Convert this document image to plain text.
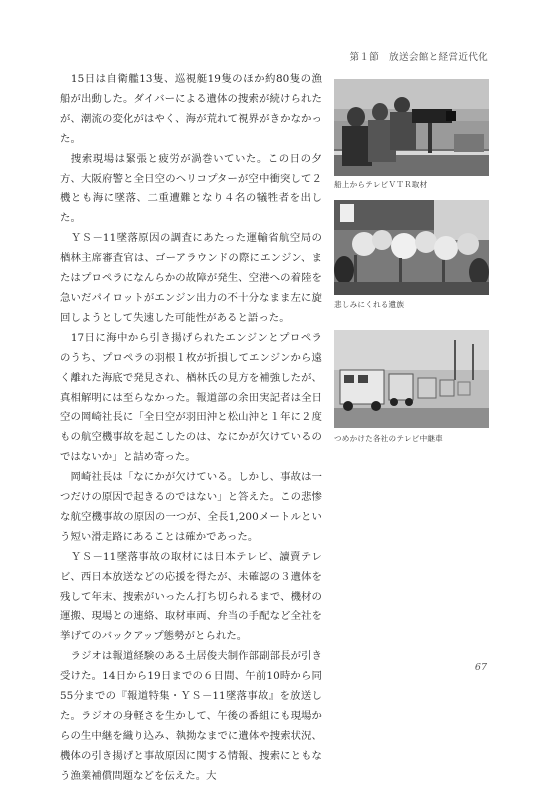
第１節　放送会館と経営近代化

　15日は自衛艦13隻、巡視艇19隻のほか約80隻の漁船が出動した。ダイバーによる遺体の捜索が続けられたが、潮流の変化がはやく、海が荒れて視界がきかなかった。

　捜索現場は緊張と疲労が渦巻いていた。この日の夕方、大阪府警と全日空のヘリコプターが空中衝突して２機とも海に墜落、二重遭難となり４名の犠牲者を出した。

　ＹＳ－11墜落原因の調査にあたった運輸省航空局の楢林主席審査官は、ゴーアラウンドの際にエンジン、またはプロペラになんらかの故障が発生、空港への着陸を急いだパイロットがエンジン出力の不十分なまま左に旋回しようとして失速した可能性があると語った。

　17日に海中から引き揚げられたエンジンとプロペラのうち、プロペラの羽根１枚が折損してエンジンから遠く離れた海底で発見され、楢林氏の見方を補強したが、真相解明には至らなかった。報道部の余田実記者は全日空の岡崎社長に「全日空が羽田沖と松山沖と１年に２度もの航空機事故を起こしたのは、なにかが欠けているのではないか」と詰め寄った。

　岡崎社長は「なにかが欠けている。しかし、事故は一つだけの原因で起きるのではない」と答えた。この悲惨な航空機事故の原因の一つが、全長1,200メートルという短い滑走路にあることは確かであった。

　ＹＳ－11墜落事故の取材には日本テレビ、讀賣テレビ、西日本放送などの応援を得たが、未確認の３遺体を残して年末、捜索がいったん打ち切られるまで、機材の運搬、現場との連絡、取材車両、弁当の手配など全社を挙げてのバックアップ態勢がとられた。

　ラジオは報道経験のある土居俊夫制作部副部長が引き受けた。14日から19日までの６日間、午前10時から同55分までの『報道特集・ＹＳ－11墜落事故』を放送した。ラジオの身軽さを生かして、午後の番組にも現場からの生中継を織り込み、執拗なまでに遺体や捜索状況、機体の引き揚げと事故原因に関する情報、捜索にともなう漁業補償問題などを伝えた。大

船上からテレビＶＴＲ取材
悲しみにくれる遺族
つめかけた各社のテレビ中継車
67
